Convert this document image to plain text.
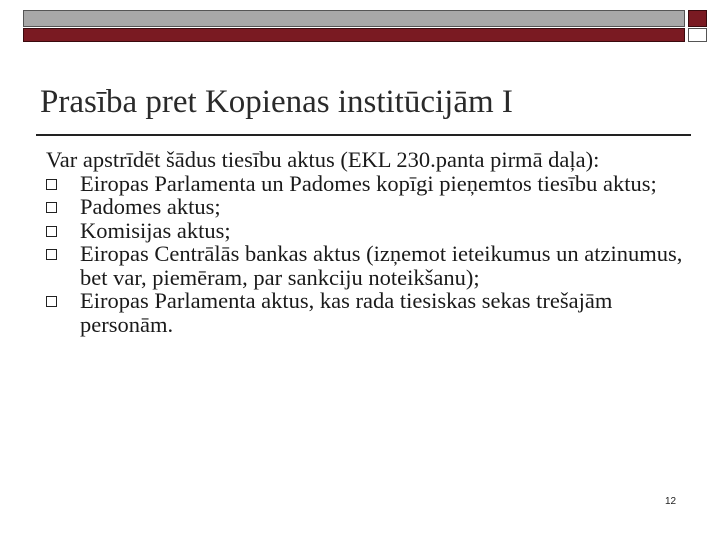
Prasība pret Kopienas institūcijām I
Var apstrīdēt šādus tiesību aktus (EKL 230.panta pirmā daļa):
Eiropas Parlamenta un Padomes kopīgi pieņemtos tiesību aktus;
Padomes aktus;
Komisijas aktus;
Eiropas Centrālās bankas aktus (izņemot ieteikumus un atzinumus, bet var, piemēram, par sankciju noteikšanu);
Eiropas Parlamenta aktus, kas rada tiesiskas sekas trešajām personām.
12
